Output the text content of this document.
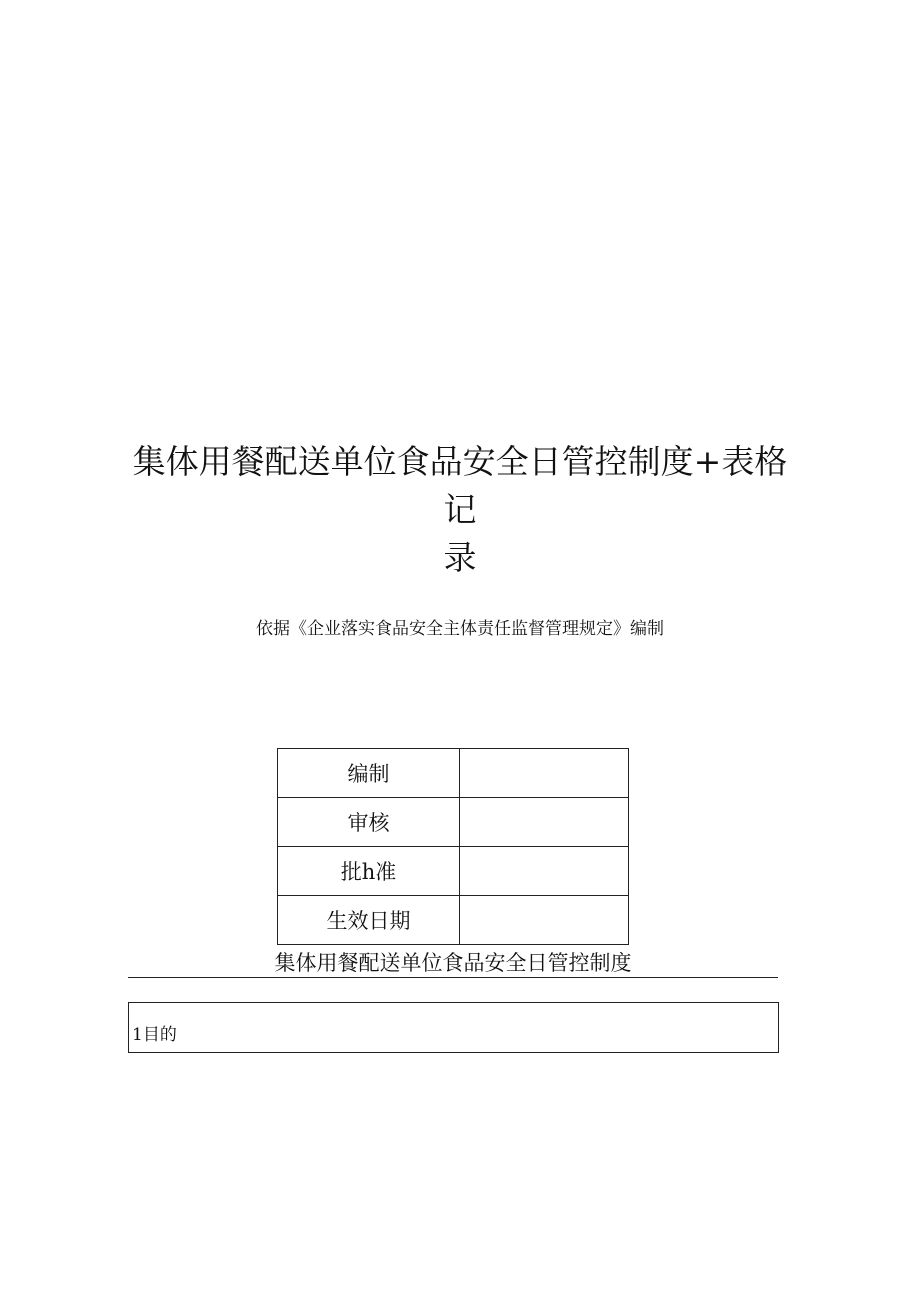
集体用餐配送单位食品安全日管控制度+表格记
录
依据《企业落实食品安全主体责任监督管理规定》编制
编制	
审核	
批h准	
生效日期	
集体用餐配送单位食品安全日管控制度
1目的
